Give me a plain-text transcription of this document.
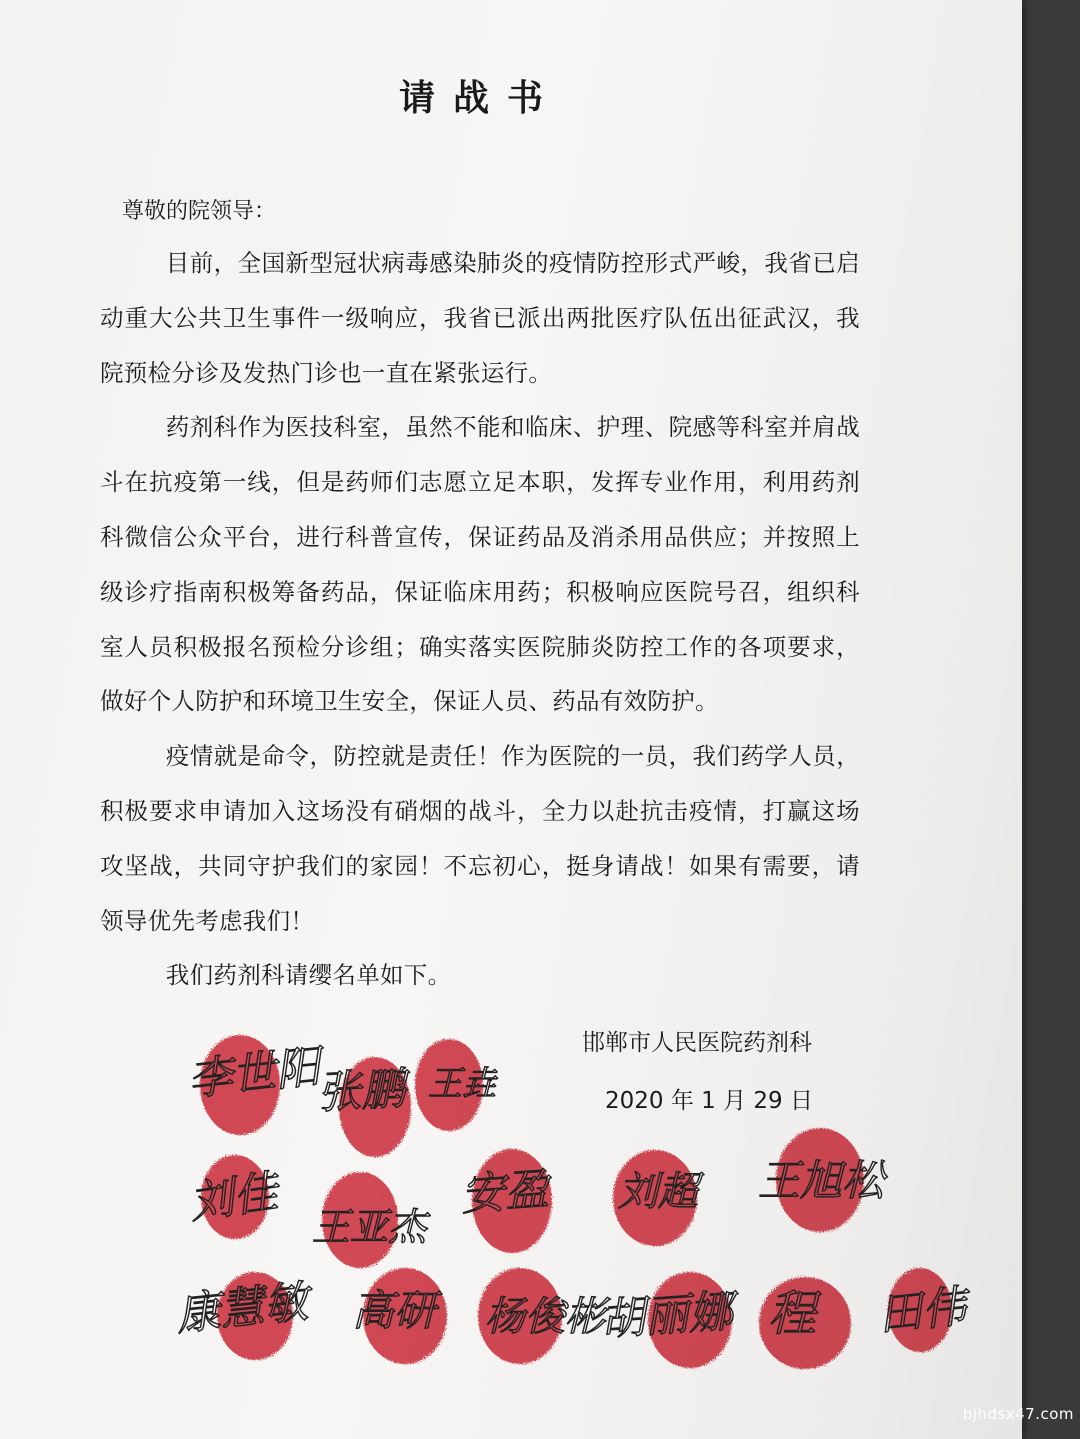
请战书
尊敬的院领导：

目前，全国新型冠状病毒感染肺炎的疫情防控形式严峻，我省已启动重大公共卫生事件一级响应，我省已派出两批医疗队伍出征武汉，我院预检分诊及发热门诊也一直在紧张运行。

药剂科作为医技科室，虽然不能和临床、护理、院感等科室并肩战斗在抗疫第一线，但是药师们志愿立足本职，发挥专业作用，利用药剂科微信公众平台，进行科普宣传，保证药品及消杀用品供应；并按照上级诊疗指南积极筹备药品，保证临床用药；积极响应医院号召，组织科室人员积极报名预检分诊组；确实落实医院肺炎防控工作的各项要求，做好个人防护和环境卫生安全，保证人员、药品有效防护。

疫情就是命令，防控就是责任！作为医院的一员，我们药学人员，积极要求申请加入这场没有硝烟的战斗，全力以赴抗击疫情，打赢这场攻坚战，共同守护我们的家园！不忘初心，挺身请战！如果有需要，请领导优先考虑我们！

我们药剂科请缨名单如下。

邯郸市人民医院药剂科
2020 年 1 月 29 日
李世阳
张鹏 王垚
刘佳 王亚杰
安盈 刘超 王旭松
康慧敏 高研 杨俊彬
胡丽娜 程 田伟
bjhdsx47.com
